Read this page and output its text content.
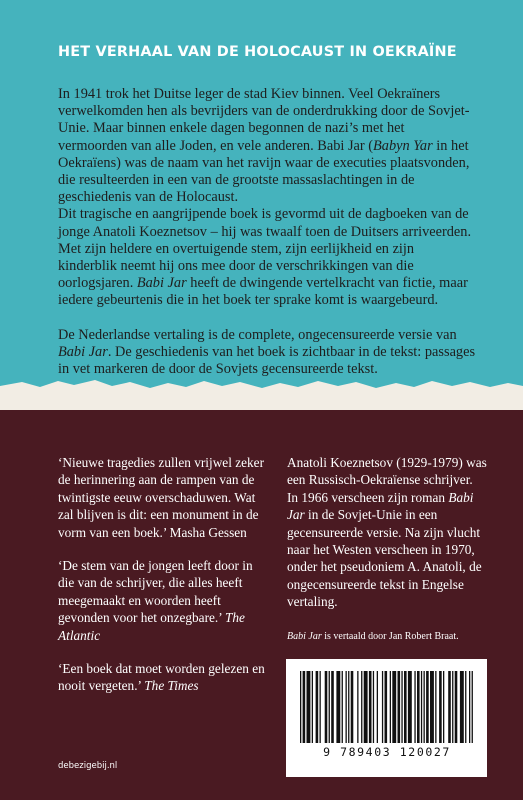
HET VERHAAL VAN DE HOLOCAUST IN OEKRAÏNE

In 1941 trok het Duitse leger de stad Kiev binnen. Veel Oekraïners verwelkomden hen als bevrijders van de onderdrukking door de Sovjet-Unie. Maar binnen enkele dagen begonnen de nazi’s met het vermoorden van alle Joden, en vele anderen. Babi Jar (Babyn Yar in het Oekraïens) was de naam van het ravijn waar de executies plaatsvonden, die resulteerden in een van de grootste massaslachtingen in de geschiedenis van de Holocaust.

Dit tragische en aangrijpende boek is gevormd uit de dagboeken van de jonge Anatoli Koeznetsov – hij was twaalf toen de Duitsers arriveerden. Met zijn heldere en overtuigende stem, zijn eerlijkheid en zijn kinderblik neemt hij ons mee door de verschrikkingen van die oorlogsjaren. Babi Jar heeft de dwingende vertelkracht van fictie, maar iedere gebeurtenis die in het boek ter sprake komt is waargebeurd.

De Nederlandse vertaling is de complete, ongecensureerde versie van Babi Jar. De geschiedenis van het boek is zichtbaar in de tekst: passages in vet markeren de door de Sovjets gecensureerde tekst.

‘Nieuwe tragedies zullen vrijwel zeker de herinnering aan de rampen van de twintigste eeuw overschaduwen. Wat zal blijven is dit: een monument in de vorm van een boek.’ Masha Gessen

‘De stem van de jongen leeft door in die van de schrijver, die alles heeft meegemaakt en woorden heeft gevonden voor het onzegbare.’ The Atlantic

‘Een boek dat moet worden gelezen en nooit vergeten.’ The Times

Anatoli Koeznetsov (1929-1979) was een Russisch-Oekraïense schrijver. In 1966 verscheen zijn roman Babi Jar in de Sovjet-Unie in een gecensureerde versie. Na zijn vlucht naar het Westen verscheen in 1970, onder het pseudoniem A. Anatoli, de ongecensureerde tekst in Engelse vertaling.
Babi Jar is vertaald door Jan Robert Braat.
9 789403 120027
debezigebij.nl
